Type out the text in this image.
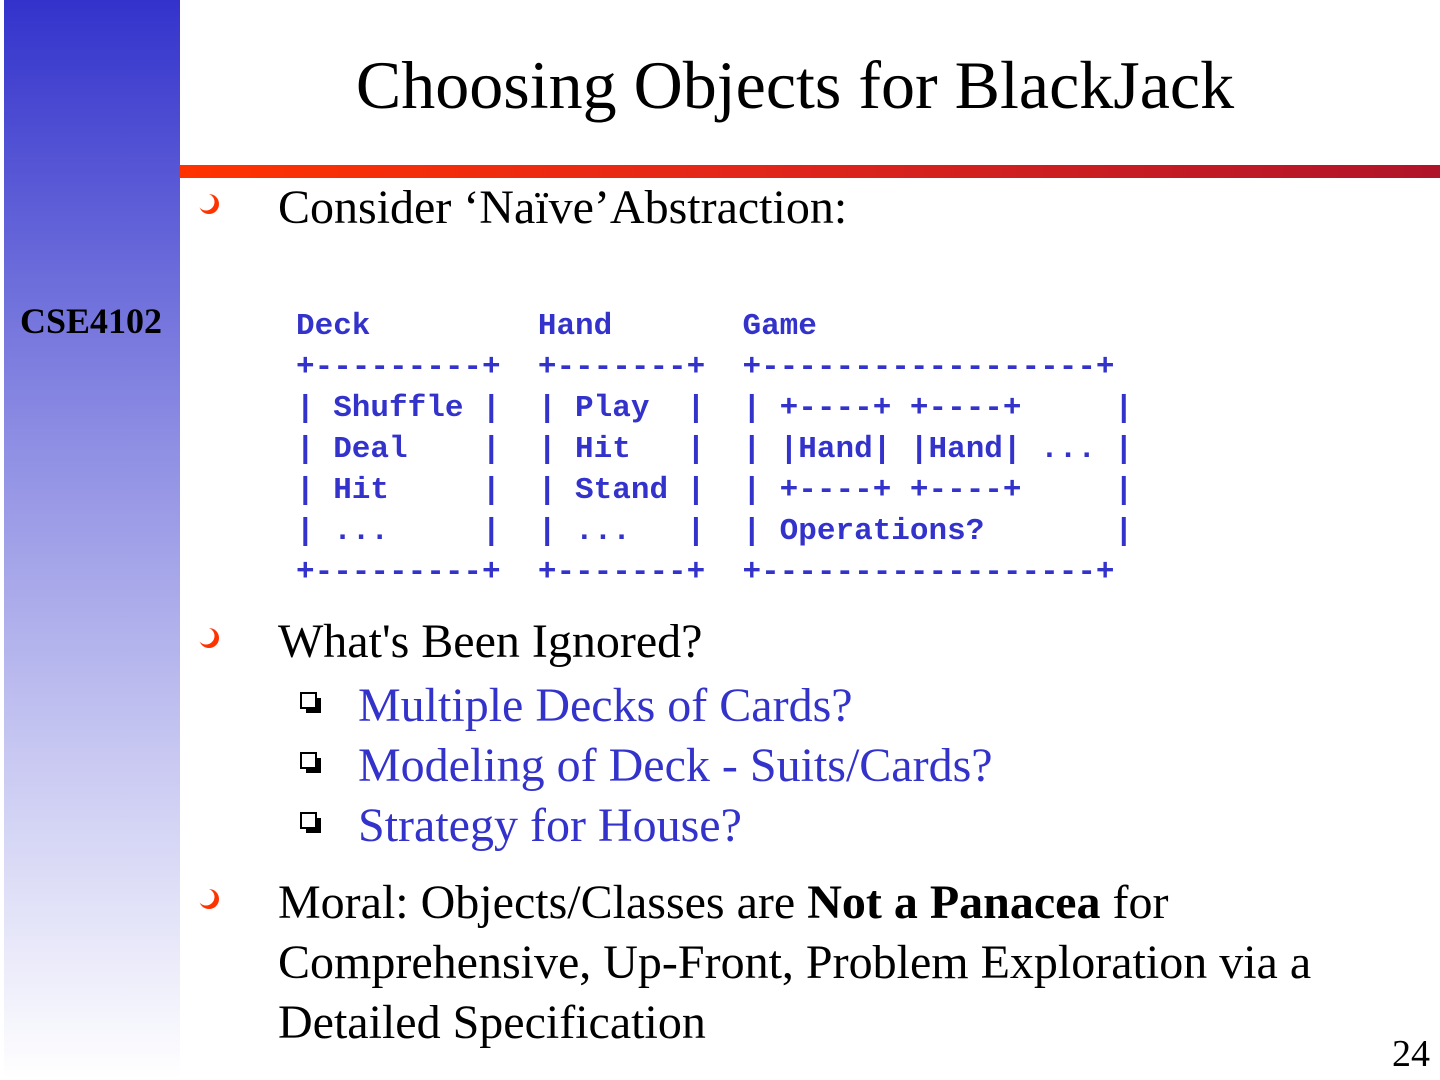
CSE4102
Choosing Objects for BlackJack
Consider ‘Naïve’Abstraction:
Deck         Hand       Game
+---------+  +-------+  +------------------+
| Shuffle |  | Play  |  | +----+ +----+     |
| Deal    |  | Hit   |  | |Hand| |Hand| ... |
| Hit     |  | Stand |  | +----+ +----+     |
| ...     |  | ...   |  | Operations?       |
+---------+  +-------+  +------------------+
What's Been Ignored?
Multiple Decks of Cards?
Modeling of Deck - Suits/Cards?
Strategy for House?
Moral: Objects/Classes are Not a Panacea for Comprehensive, Up-Front, Problem Exploration via a Detailed Specification
24
